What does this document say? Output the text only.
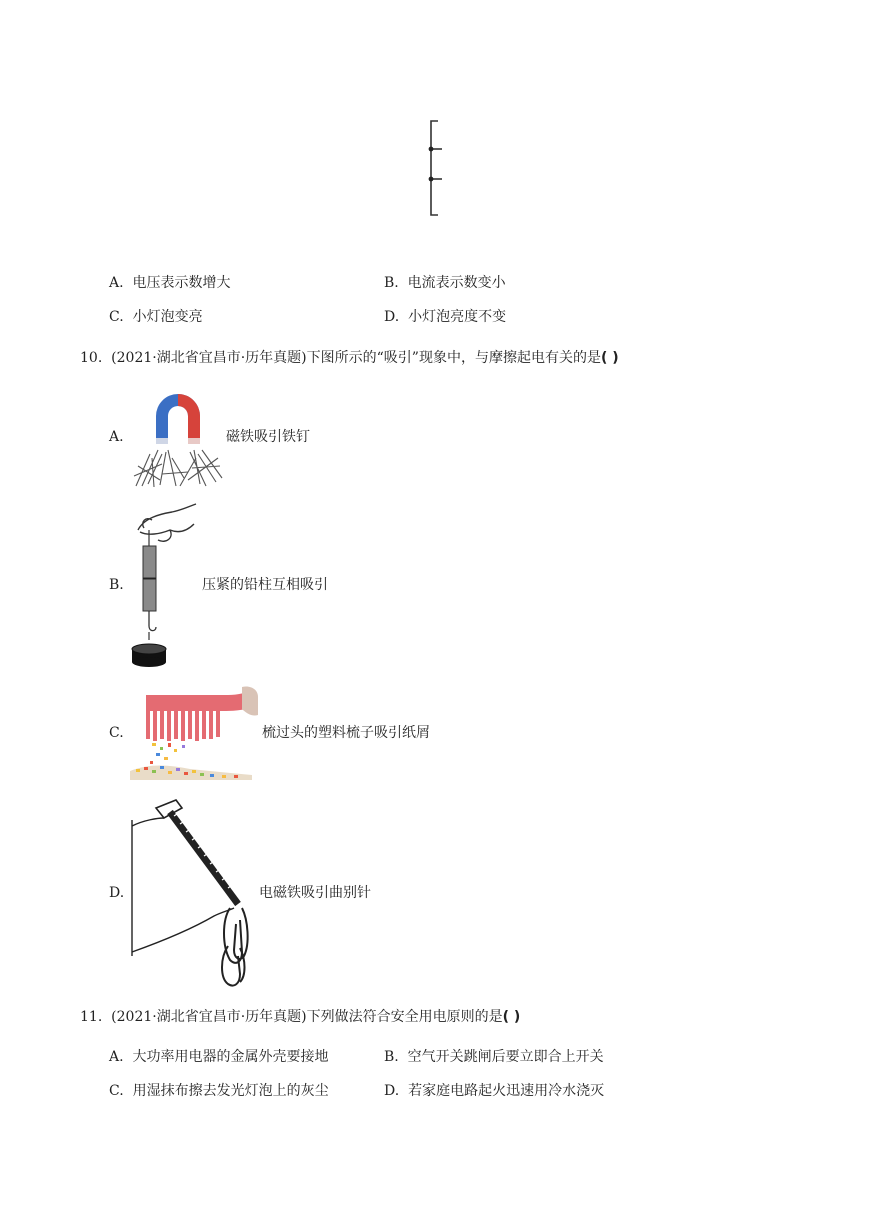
A. 电压表示数增大	B. 电流表示数变小
C. 小灯泡变亮	D. 小灯泡亮度不变
10. (2021·湖北省宜昌市·历年真题)下图所示的“吸引”现象中，与摩擦起电有关的是( )
A.	磁铁吸引铁钉
B.	压紧的铅柱互相吸引
C.	梳过头的塑料梳子吸引纸屑
D.	电磁铁吸引曲别针
11. (2021·湖北省宜昌市·历年真题)下列做法符合安全用电原则的是( )
A. 大功率用电器的金属外壳要接地	B. 空气开关跳闸后要立即合上开关
C. 用湿抹布擦去发光灯泡上的灰尘	D. 若家庭电路起火迅速用冷水浇灭
